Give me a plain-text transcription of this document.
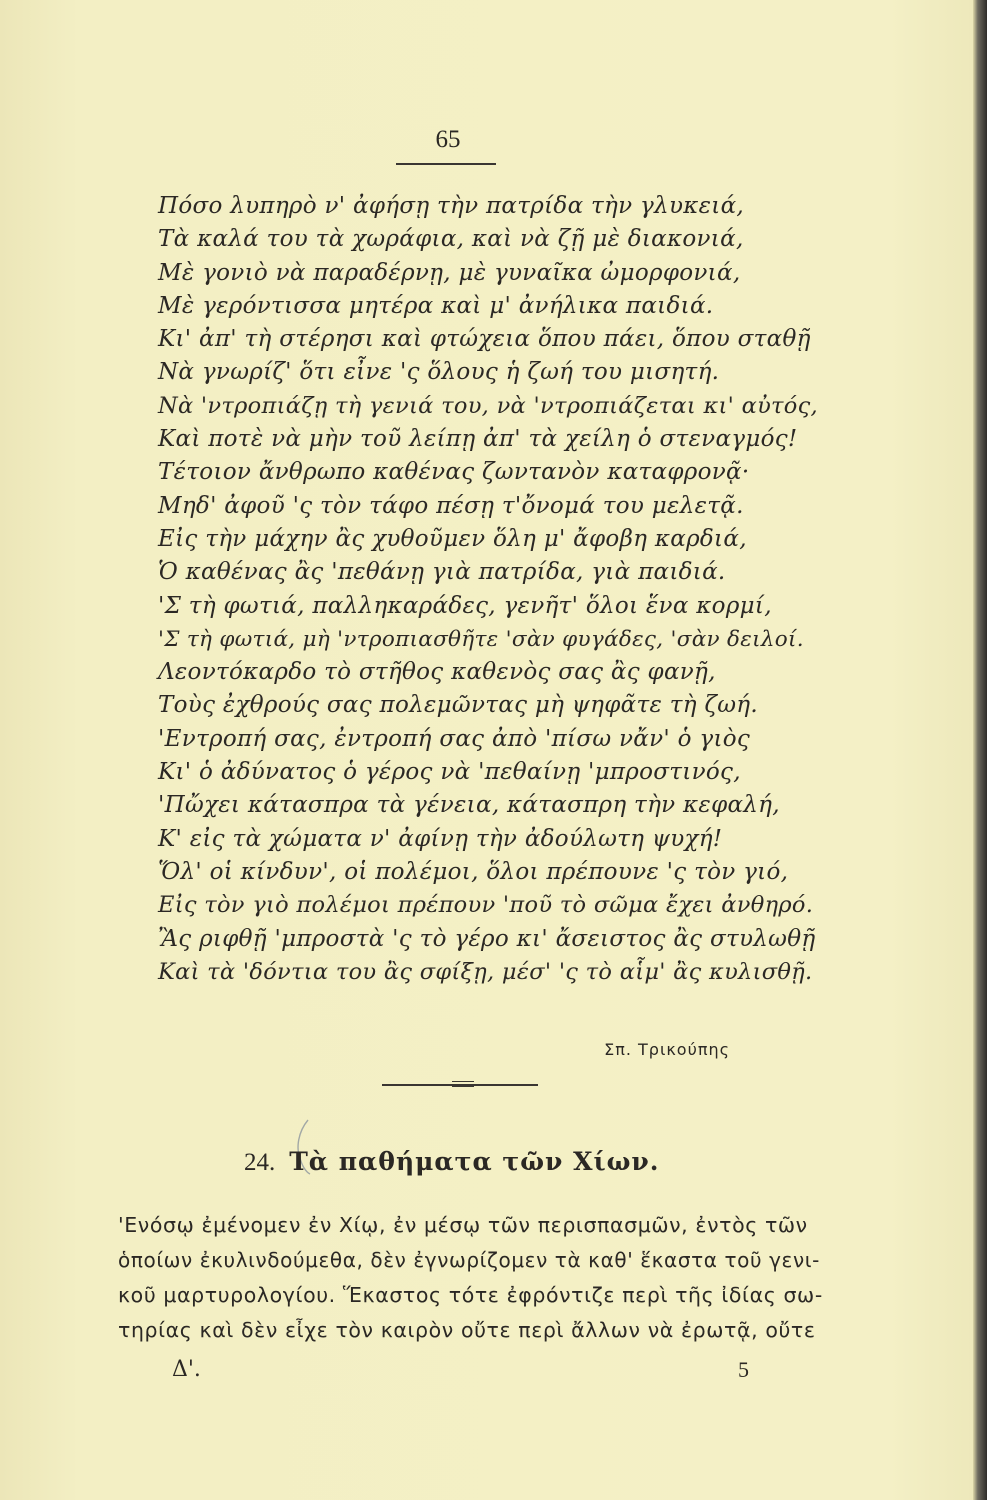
65
Πόσο λυπηρὸ ν' ἀφήσῃ τὴν πατρίδα τὴν γλυκειά,
Τὰ καλά του τὰ χωράφια, καὶ νὰ ζῇ μὲ διακονιά,
Μὲ γονιὸ νὰ παραδέρνῃ, μὲ γυναῖκα ὠμορφονιά,
Μὲ γερόντισσα μητέρα καὶ μ' ἀνήλικα παιδιά.
Κι' ἀπ' τὴ στέρησι καὶ φτώχεια ὅπου πάει, ὅπου σταθῇ
Νὰ γνωρίζ' ὅτι εἶνε 'ς ὅλους ἡ ζωή του μισητή.
Νὰ 'ντροπιάζῃ τὴ γενιά του, νὰ 'ντροπιάζεται κι' αὐτός,
Καὶ ποτὲ νὰ μὴν τοῦ λείπῃ ἀπ' τὰ χείλη ὁ στεναγμός!
Τέτοιον ἄνθρωπο καθένας ζωντανὸν καταφρονᾷ·
Μηδ' ἀφοῦ 'ς τὸν τάφο πέσῃ τ'ὄνομά του μελετᾷ.
Εἰς τὴν μάχην ἂς χυθοῦμεν ὅλη μ' ἄφοβη καρδιά,
Ὁ καθένας ἂς 'πεθάνῃ γιὰ πατρίδα, γιὰ παιδιά.
'Σ τὴ φωτιά, παλληκαράδες, γενῆτ' ὅλοι ἕνα κορμί,
'Σ τὴ φωτιά, μὴ 'ντροπιασθῆτε 'σὰν φυγάδες, 'σὰν δειλοί.
Λεοντόκαρδο τὸ στῆθος καθενὸς σας ἂς φανῇ,
Τοὺς ἐχθρούς σας πολεμῶντας μὴ ψηφᾶτε τὴ ζωή.
'Εντροπή σας, ἐντροπή σας ἀπὸ 'πίσω νἄν' ὁ γιὸς
Κι' ὁ ἀδύνατος ὁ γέρος νὰ 'πεθαίνῃ 'μπροστινός,
'Πὤχει κάτασπρα τὰ γένεια, κάτασπρη τὴν κεφαλή,
Κ' εἰς τὰ χώματα ν' ἀφίνῃ τὴν ἀδούλωτη ψυχή!
Ὅλ' οἱ κίνδυν', οἱ πολέμοι, ὅλοι πρέπουνε 'ς τὸν γιό,
Εἰς τὸν γιὸ πολέμοι πρέπουν 'ποῦ τὸ σῶμα ἔχει ἀνθηρό.
Ἂς ριφθῇ 'μπροστὰ 'ς τὸ γέρο κι' ἄσειστος ἂς στυλωθῇ
Καὶ τὰ 'δόντια του ἂς σφίξῃ, μέσ' 'ς τὸ αἷμ' ἂς κυλισθῇ.
Σπ. Τρικούπης
24. Τὰ παθήματα τῶν Χίων.
'Ενόσῳ ἐμένομεν ἐν Χίῳ, ἐν μέσῳ τῶν περισπασμῶν, ἐντὸς τῶν
ὁποίων ἐκυλινδούμεθα, δὲν ἐγνωρίζομεν τὰ καθ' ἕκαστα τοῦ γενι-
κοῦ μαρτυρολογίου. Ἕκαστος τότε ἐφρόντιζε περὶ τῆς ἰδίας σω-
τηρίας καὶ δὲν εἶχε τὸν καιρὸν οὔτε περὶ ἄλλων νὰ ἐρωτᾷ, οὔτε
Δ'.	5
